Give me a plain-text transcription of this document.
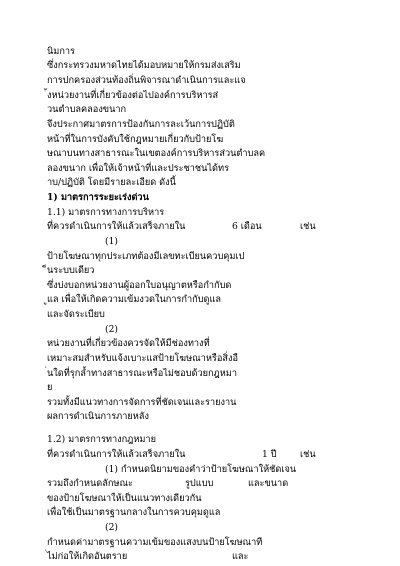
นิมการ
ซึ่งกระทรวงมหาดไทยได้มอบหมายให้กรมส่งเสริม
การปกครองส่วนท้องถิ่นพิจารณาดำเนินการและแจ
้งหน่วยงานที่เกี่ยวข้องต่อไปองค์การบริหารส่
วนตำบลคลองขนาก
จึงประกาศมาตรการป้องกันการละเว้นการปฏิบัติ
หน้าที่ในการบังคับใช้กฎหมายเกี่ยวกับป้ายโฆ
ษณาบนทางสาธารณะในเขตองค์การบริหารส่วนตำบลค
ลองขนาก เพื่อให้เจ้าหน้าที่และประชาชนได้ทร
าบ/ปฏิบัติ โดยมีรายละเอียด ดังนี้
1) มาตรการระยะเร่งด่วน
1.1) มาตรการทางการบริหาร
ที่ควรดำเนินการให้แล้วเสร็จภายใน	6 เดือน	เช่น
(1)
ป้ายโฆษณาทุกประเภทต้องมีเลขทะเบียนควบคุมเป
็นระบบเดียว
ซึ่งบ่งบอกหน่วยงานผู้ออกใบอนุญาตหรือกำกับด
ูแล เพื่อให้เกิดความเข้มงวดในการกำกับดูแล
และจัดระเบียบ
(2)
หน่วยงานที่เกี่ยวข้องควรจัดให้มีช่องทางที่
เหมาะสมสำหรับแจ้งเบาะแสป้ายโฆษณาหรือสิ่งอื
่นใดที่รุกล้ำทางสาธารณะหรือไม่ชอบด้วยกฎหมา
ย
รวมทั้งมีแนวทางการจัดการที่ชัดเจนและรายงาน
ผลการดำเนินการภายหลัง
1.2) มาตรการทางกฎหมาย
ที่ควรดำเนินการให้แล้วเสร็จภายใน	1 ปี	เช่น
(1) กำหนดนิยามของคำว่าป้ายโฆษณาให้ชัดเจน
รวมถึงกำหนดลักษณะ	รูปแบบ	และขนาด
ของป้ายโฆษณาให้เป็นแนวทางเดียวกัน
เพื่อใช้เป็นมาตรฐานกลางในการควบคุมดูแล
(2)
กำหนดค่ามาตรฐานความเข้มของแสงบนป้ายโฆษณาที
่ไม่ก่อให้เกิดอันตราย	และ
